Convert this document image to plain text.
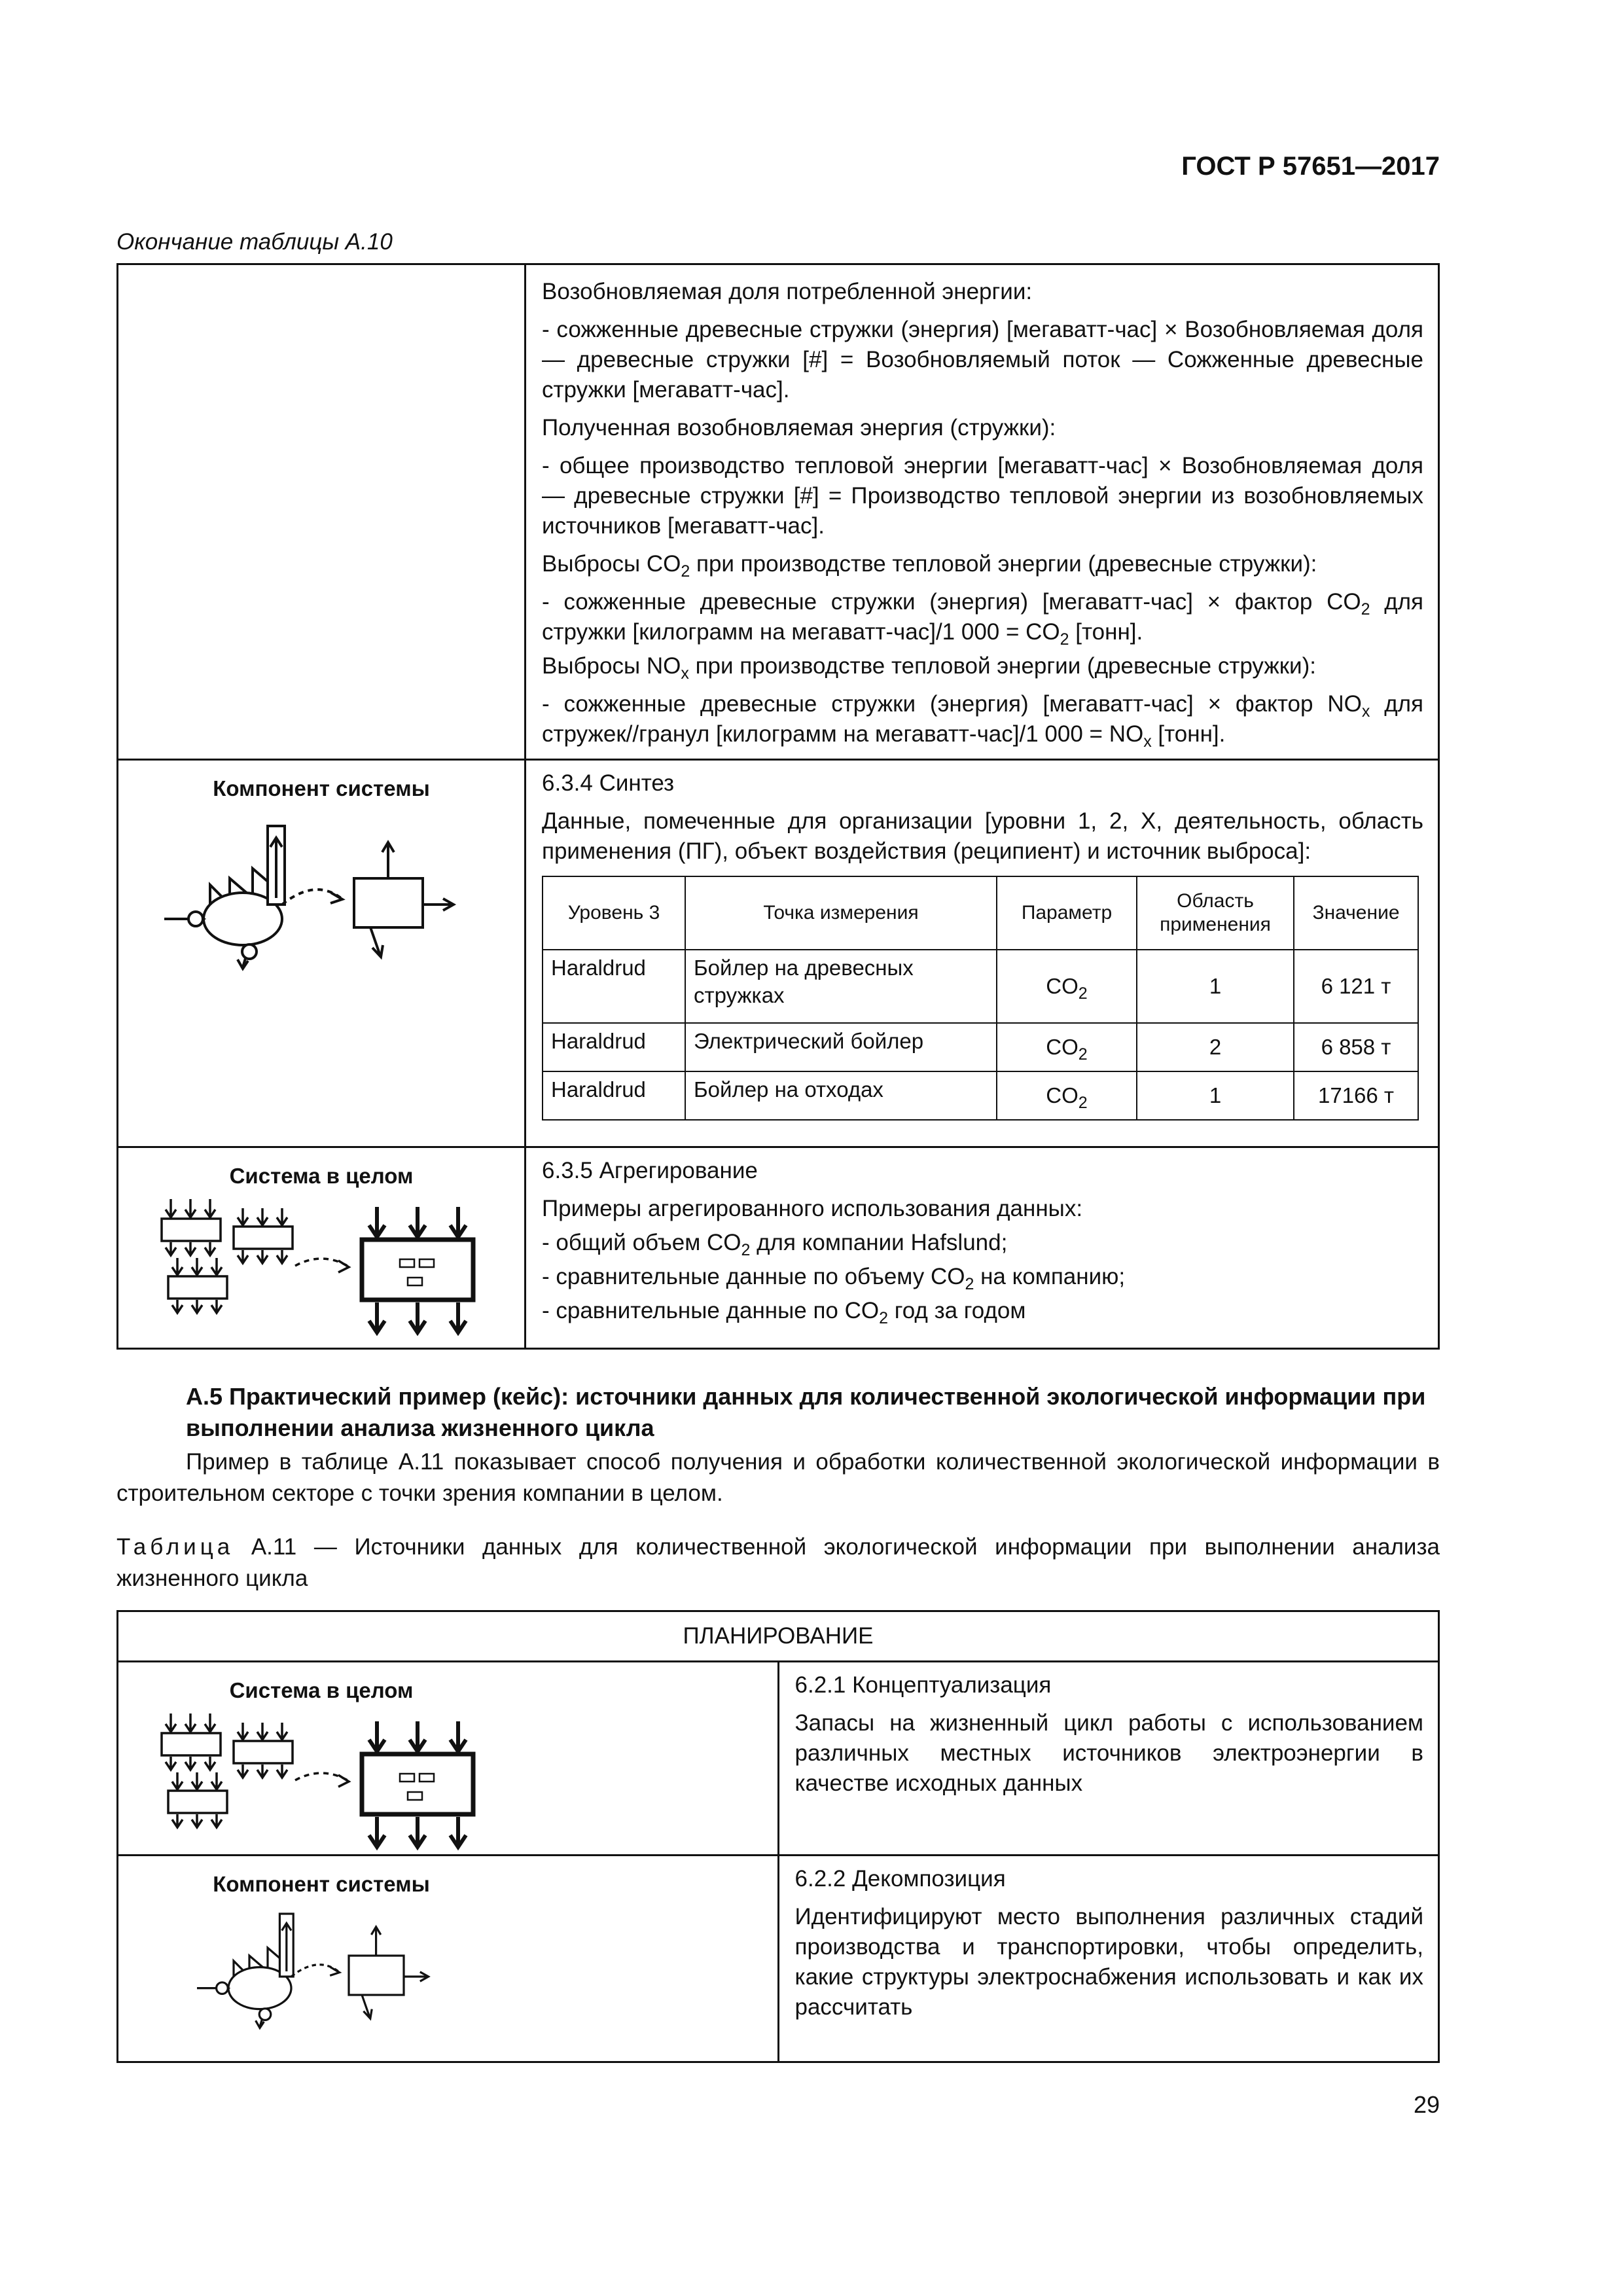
ГОСТ Р 57651—2017
Окончание таблицы А.10

Возобновляемая доля потребленной энергии:

- сожженные древесные стружки (энергия) [мегаватт-час] × Возобновляемая доля — древесные стружки [#] = Возобновляемый поток — Сожженные древесные стружки [мегаватт-час].

Полученная возобновляемая энергия (стружки):

- общее производство тепловой энергии [мегаватт-час] × Возобновляемая доля — древесные стружки [#] = Производство тепловой энергии из возобновляемых источников [мегаватт-час].

Выбросы $CO_2$ при производстве тепловой энергии (древесные стружки):

- сожженные древесные стружки (энергия) [мегаватт-час] × фактор $CO_2$ для стружки [килограмм на мегаватт-час]/1 $000 = CO_2$ [тонн].

Выбросы $NO_x$ при производстве тепловой энергии (древесные стружки):

- сожженные древесные стружки (энергия) [мегаватт-час] × фактор $NO_x$ для стружек//гранул [килограмм на мегаватт-час]/1 $000 = NO_x$ [тонн].

Компонент системы	6.3.4 Синтез

Данные, помеченные для организации [уровни 1, 2, X, деятельность, область применения (ПГ), объект воздействия (реципиент) и источник выброса]:

Уровень 3	Точка измерения	Параметр	Область применения	Значение
Haraldrud	Бойлер на древесных стружках	$CO_2$	1	6 121 т
Haraldrud	Электрический бойлер	$CO_2$	2	6 858 т
Haraldrud	Бойлер на отходах	$CO_2$	1	17166 т

Система в целом	6.3.5 Агрегирование

Примеры агрегированного использования данных:

- общий объем $CO_2$ для компании Hafslund;

- сравнительные данные по объему $CO_2$ на компанию;

- сравнительные данные по $CO_2$ год за годом

А.5 Практический пример (кейс): источники данных для количественной экологической информации при выполнении анализа жизненного цикла
Пример в таблице А.11 показывает способ получения и обработки количественной экологической информации в строительном секторе с точки зрения компании в целом.
Таблица А.11 — Источники данных для количественной экологической информации при выполнении анализа жизненного цикла
ПЛАНИРОВАНИЕ	

Система в целом	6.2.1 Концептуализация

Запасы на жизненный цикл работы с использованием различных местных источников электроэнергии в качестве исходных данных

Компонент системы	6.2.2 Декомпозиция

Идентифицируют место выполнения различных стадий производства и транспортировки, чтобы определить, какие структуры электроснабжения использовать и как их рассчитать

29
